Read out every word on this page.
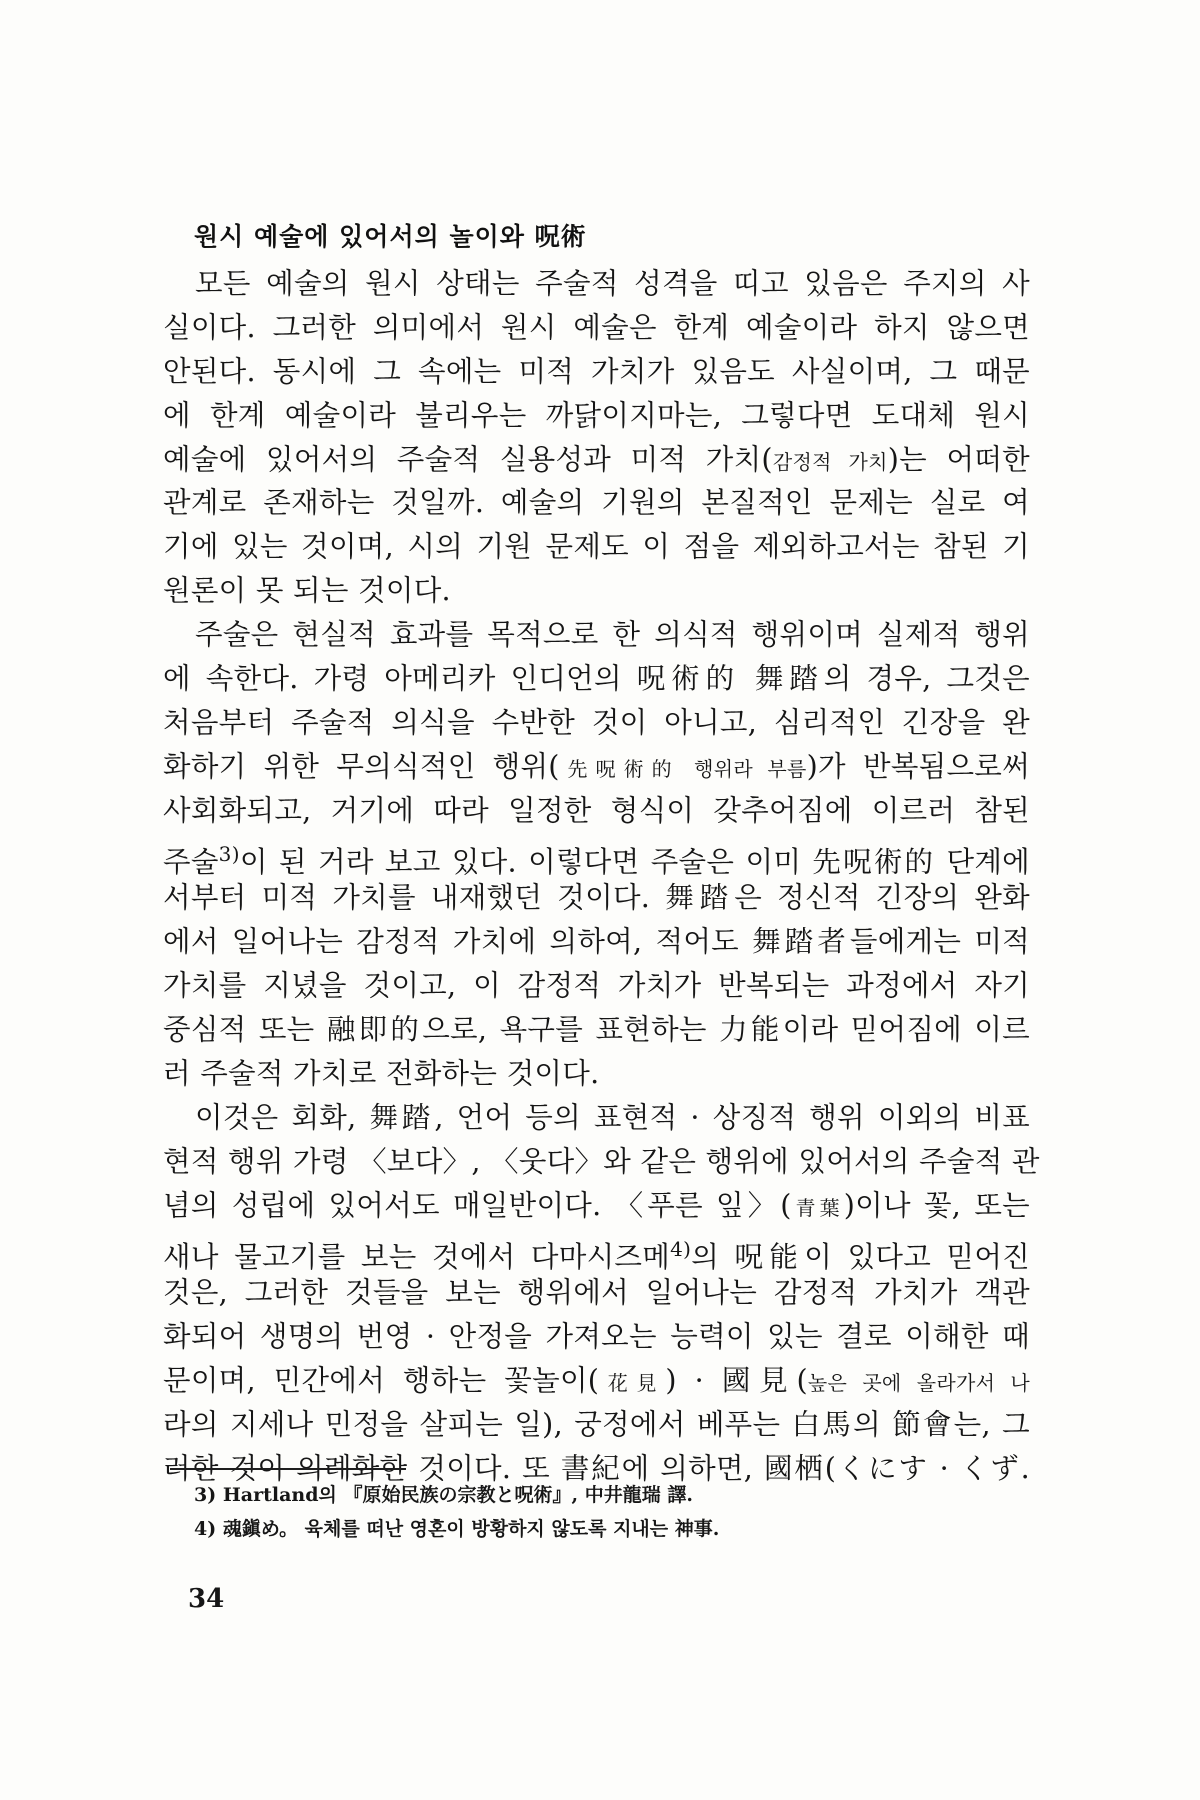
원시 예술에 있어서의 놀이와 呪術
모든 예술의 원시 상태는 주술적 성격을 띠고 있음은 주지의 사
실이다. 그러한 의미에서 원시 예술은 한계 예술이라 하지 않으면
안된다. 동시에 그 속에는 미적 가치가 있음도 사실이며, 그 때문
에 한계 예술이라 불리우는 까닭이지마는, 그렇다면 도대체 원시
예술에 있어서의 주술적 실용성과 미적 가치(감정적 가치)는 어떠한
관계로 존재하는 것일까. 예술의 기원의 본질적인 문제는 실로 여
기에 있는 것이며, 시의 기원 문제도 이 점을 제외하고서는 참된 기
원론이 못 되는 것이다.
주술은 현실적 효과를 목적으로 한 의식적 행위이며 실제적 행위
에 속한다. 가령 아메리카 인디언의 呪術的 舞踏의 경우, 그것은
처음부터 주술적 의식을 수반한 것이 아니고, 심리적인 긴장을 완
화하기 위한 무의식적인 행위(先呪術的 행위라 부름)가 반복됨으로써
사회화되고, 거기에 따라 일정한 형식이 갖추어짐에 이르러 참된
주술$^{3)}$이 된 거라 보고 있다. 이렇다면 주술은 이미 先呪術的 단계에
서부터 미적 가치를 내재했던 것이다. 舞踏은 정신적 긴장의 완화
에서 일어나는 감정적 가치에 의하여, 적어도 舞踏者들에게는 미적
가치를 지녔을 것이고, 이 감정적 가치가 반복되는 과정에서 자기
중심적 또는 融即的으로, 욕구를 표현하는 力能이라 믿어짐에 이르
러 주술적 가치로 전화하는 것이다.
이것은 회화, 舞踏, 언어 등의 표현적 · 상징적 행위 이외의 비표
현적 행위 가령 〈보다〉, 〈웃다〉와 같은 행위에 있어서의 주술적 관
념의 성립에 있어서도 매일반이다. 〈푸른 잎〉(青葉)이나 꽃, 또는
새나 물고기를 보는 것에서 다마시즈메$^{4)}$의 呪能이 있다고 믿어진
것은, 그러한 것들을 보는 행위에서 일어나는 감정적 가치가 객관
화되어 생명의 번영 · 안정을 가져오는 능력이 있는 결로 이해한 때
문이며, 민간에서 행하는 꽃놀이(花見) · 國見(높은 곳에 올라가서 나
라의 지세나 민정을 살피는 일), 궁정에서 베푸는 白馬의 節會는, 그
러한 것이 의례화한 것이다. 또 書紀에 의하면, 國栖(くにす · くず.
3) Hartland의 『原始民族の宗教と呪術』, 中井龍瑞 譯.
4) 魂鎭め。 육체를 떠난 영혼이 방황하지 않도록 지내는 神事.
34
